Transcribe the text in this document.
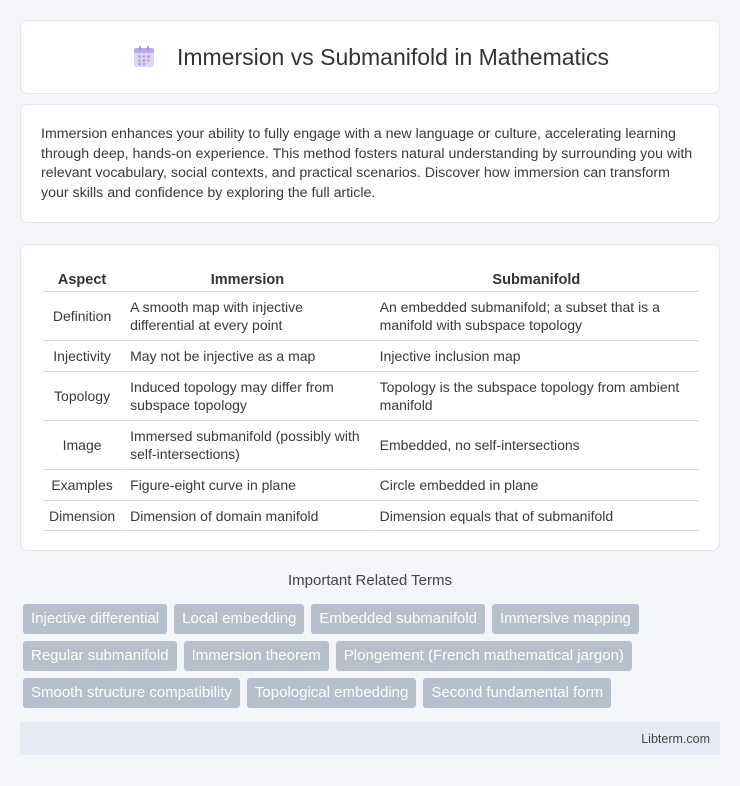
Immersion vs Submanifold in Mathematics

Immersion enhances your ability to fully engage with a new language or culture, accelerating learning through deep, hands-on experience. This method fosters natural understanding by surrounding you with relevant vocabulary, social contexts, and practical scenarios. Discover how immersion can transform your skills and confidence by exploring the full article.

Aspect	Immersion	Submanifold
Definition	A smooth map with injective differential at every point	An embedded submanifold; a subset that is a manifold with subspace topology
Injectivity	May not be injective as a map	Injective inclusion map
Topology	Induced topology may differ from subspace topology	Topology is the subspace topology from ambient manifold
Image	Immersed submanifold (possibly with self-intersections)	Embedded, no self-intersections
Examples	Figure-eight curve in plane	Circle embedded in plane
Dimension	Dimension of domain manifold	Dimension equals that of submanifold
Important Related Terms
Injective differential	Local embedding	Embedded submanifold	Immersive mapping
Regular submanifold	Immersion theorem	Plongement (French mathematical jargon)
Smooth structure compatibility	Topological embedding	Second fundamental form
Libterm.com
